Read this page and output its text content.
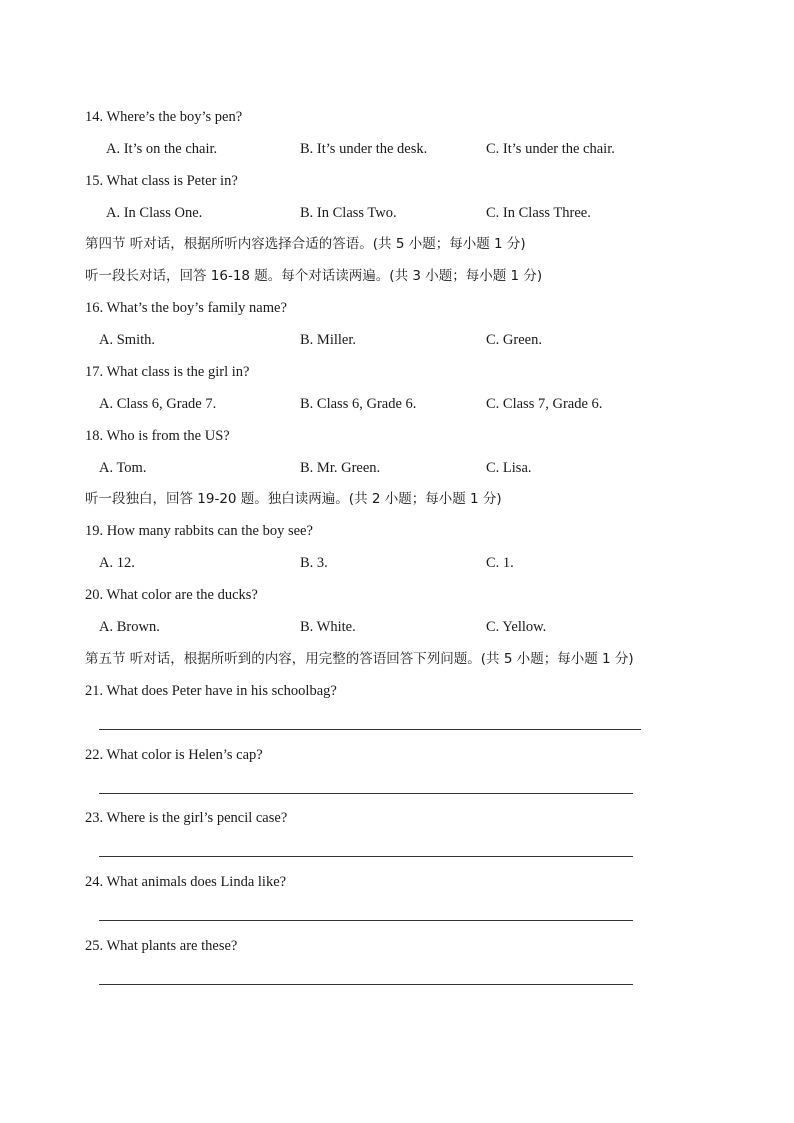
14. Where’s the boy’s pen?
A. It’s on the chair.	B. It’s under the desk.	C. It’s under the chair.
15. What class is Peter in?
A. In Class One.	B. In Class Two.	C. In Class Three.
第四节 听对话，根据所听内容选择合适的答语。(共 5 小题；每小题 1 分)
听一段长对话，回答 16-18 题。每个对话读两遍。(共 3 小题；每小题 1 分)
16. What’s the boy’s family name?
A. Smith.	B. Miller.	C. Green.
17. What class is the girl in?
A. Class 6, Grade 7.	B. Class 6, Grade 6.	C. Class 7, Grade 6.
18. Who is from the US?
A. Tom.	B. Mr. Green.	C. Lisa.
听一段独白，回答 19-20 题。独白读两遍。(共 2 小题；每小题 1 分)
19. How many rabbits can the boy see?
A. 12.	B. 3.	C. 1.
20. What color are the ducks?
A. Brown.	B. White.	C. Yellow.
第五节 听对话，根据所听到的内容，用完整的答语回答下列问题。(共 5 小题；每小题 1 分)
21. What does Peter have in his schoolbag?
22. What color is Helen’s cap?
23. Where is the girl’s pencil case?
24. What animals does Linda like?
25. What plants are these?
